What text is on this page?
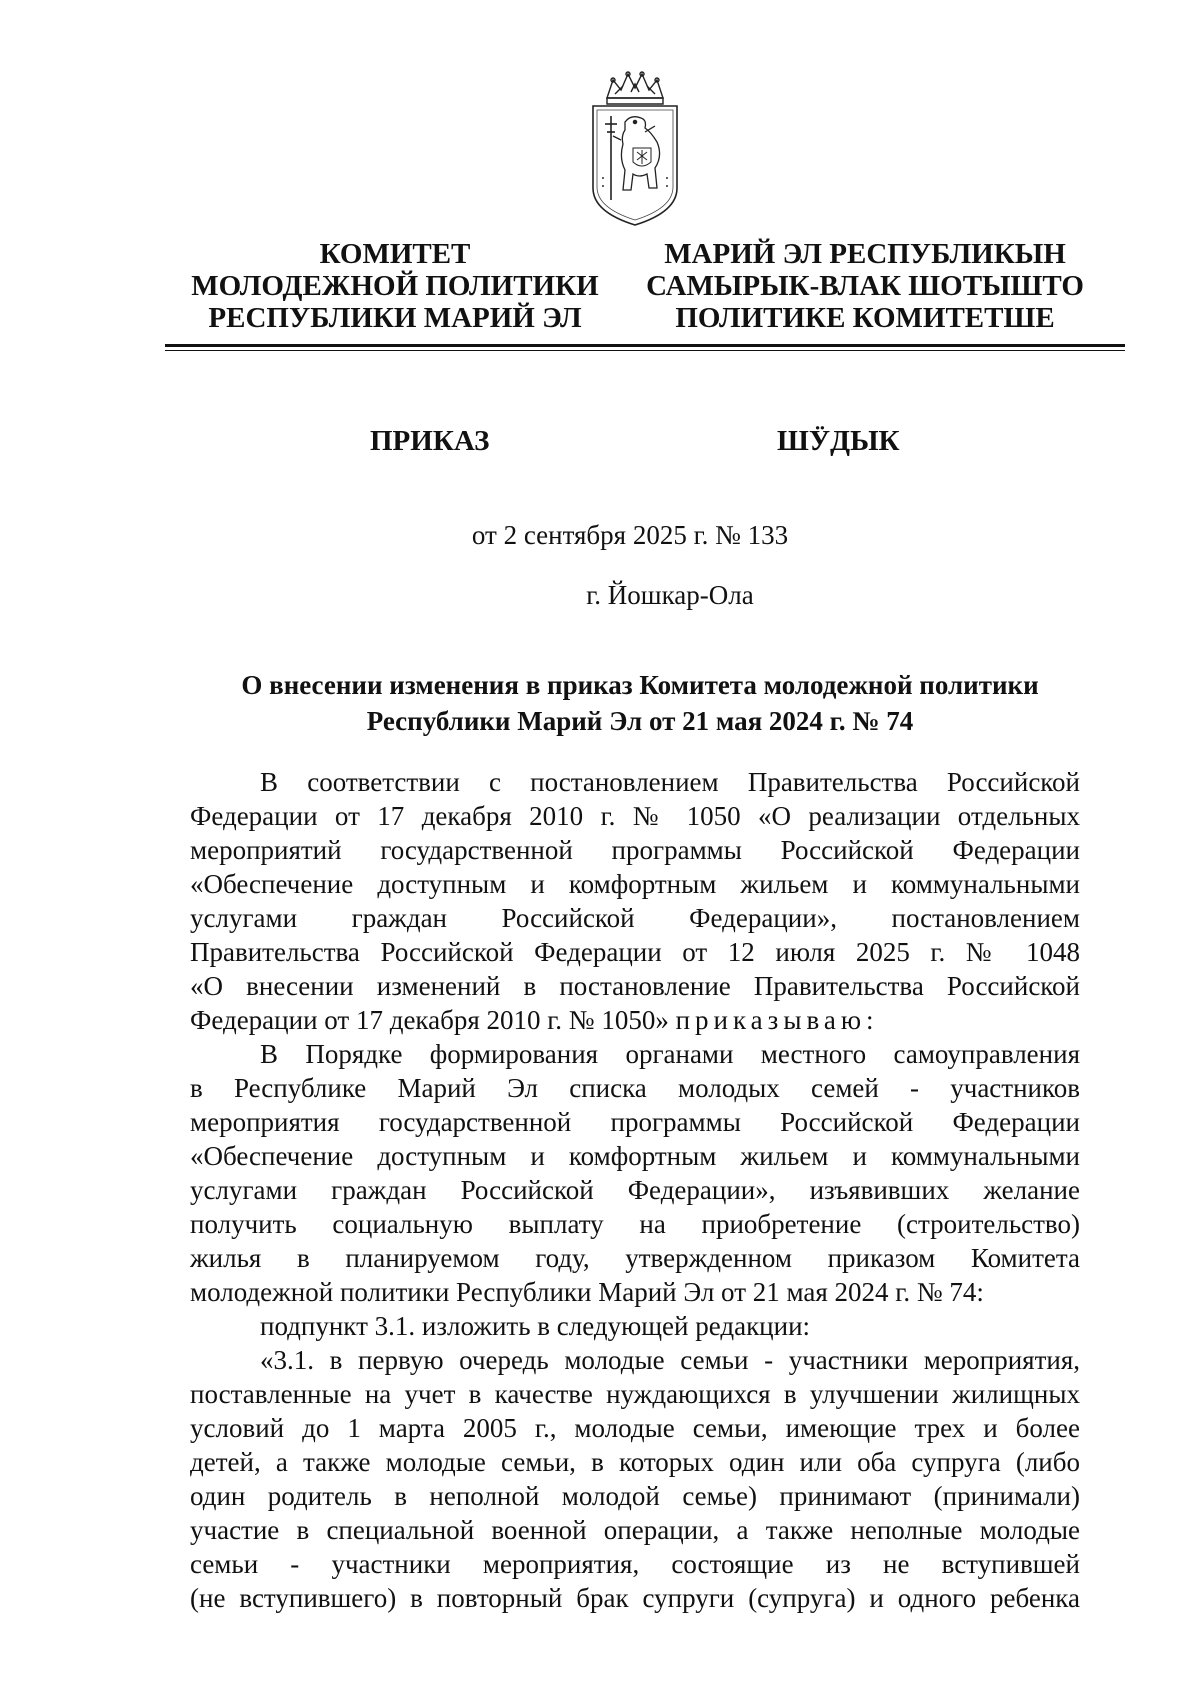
КОМИТЕТ
МОЛОДЕЖНОЙ ПОЛИТИКИ
РЕСПУБЛИКИ МАРИЙ ЭЛ
МАРИЙ ЭЛ РЕСПУБЛИКЫН
САМЫРЫК-ВЛАК ШОТЫШТО
ПОЛИТИКЕ КОМИТЕТШЕ
ПРИКАЗ	ШӰДЫК
от 2 сентября 2025 г. № 133
г. Йошкар-Ола
О внесении изменения в приказ Комитета молодежной политики
Республики Марий Эл от 21 мая 2024 г. № 74

В соответствии с постановлением Правительства Российской
Федерации от 17 декабря 2010 г. № 1050 «О реализации отдельных
мероприятий государственной программы Российской Федерации
«Обеспечение доступным и комфортным жильем и коммунальными
услугами граждан Российской Федерации», постановлением
Правительства Российской Федерации от 12 июля 2025 г. № 1048
«О внесении изменений в постановление Правительства Российской
Федерации от 17 декабря 2010 г. № 1050» приказываю:

В Порядке формирования органами местного самоуправления
в Республике Марий Эл списка молодых семей - участников
мероприятия государственной программы Российской Федерации
«Обеспечение доступным и комфортным жильем и коммунальными
услугами граждан Российской Федерации», изъявивших желание
получить социальную выплату на приобретение (строительство)
жилья в планируемом году, утвержденном приказом Комитета
молодежной политики Республики Марий Эл от 21 мая 2024 г. № 74:

подпункт 3.1. изложить в следующей редакции:

«3.1. в первую очередь молодые семьи - участники мероприятия,
поставленные на учет в качестве нуждающихся в улучшении жилищных
условий до 1 марта 2005 г., молодые семьи, имеющие трех и более
детей, а также молодые семьи, в которых один или оба супруга (либо
один родитель в неполной молодой семье) принимают (принимали)
участие в специальной военной операции, а также неполные молодые
семьи - участники мероприятия, состоящие из не вступившей
(не вступившего) в повторный брак супруги (супруга) и одного ребенка
